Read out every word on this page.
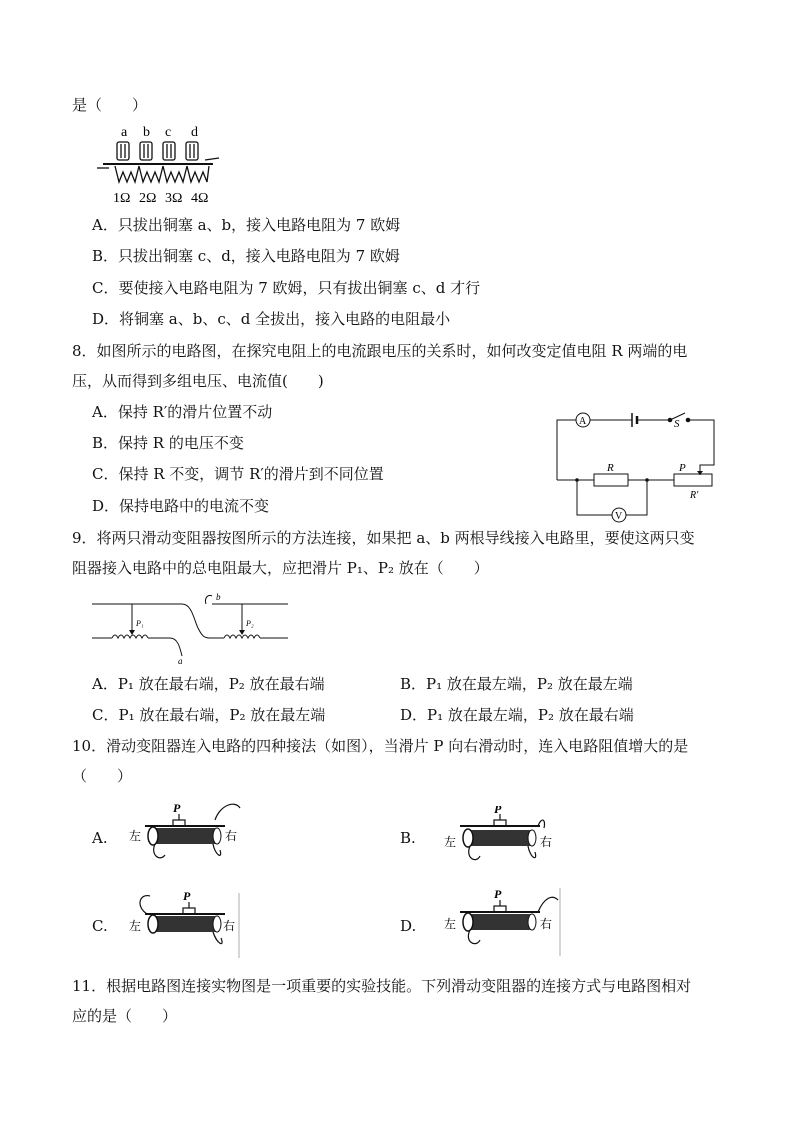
是（　　）
a b c d
1Ω 2Ω 3Ω 4Ω
A．只拔出铜塞 a、b，接入电路电阻为 7 欧姆
B．只拔出铜塞 c、d，接入电路电阻为 7 欧姆
C．要使接入电路电阻为 7 欧姆，只有拔出铜塞 c、d 才行
D．将铜塞 a、b、c、d 全拔出，接入电路的电阻最小
8．如图所示的电路图，在探究电阻上的电流跟电压的关系时，如何改变定值电阻 R 两端的电
压，从而得到多组电压、电流值(　　)
A．保持 R′的滑片位置不动
B．保持 R 的电压不变
C．保持 R 不变，调节 R′的滑片到不同位置
D．保持电路中的电流不变
A
V
S
R	P
R′
9．将两只滑动变阻器按图所示的方法连接，如果把 a、b 两根导线接入电路里，要使这两只变
阻器接入电路中的总电阻最大，应把滑片 P₁、P₂ 放在（　　）
P₁	P₂
a
b
A．P₁ 放在最右端，P₂ 放在最右端	B．P₁ 放在最左端，P₂ 放在最左端
C．P₁ 放在最右端，P₂ 放在最左端	D．P₁ 放在最左端，P₂ 放在最右端
10．滑动变阻器连入电路的四种接法（如图），当滑片 P 向右滑动时，连入电路阻值增大的是
（　　）
A.
P
左	右	B.
P
左	右
C.
P
左	右	D.
P
左	右
11．根据电路图连接实物图是一项重要的实验技能。下列滑动变阻器的连接方式与电路图相对
应的是（　　）
